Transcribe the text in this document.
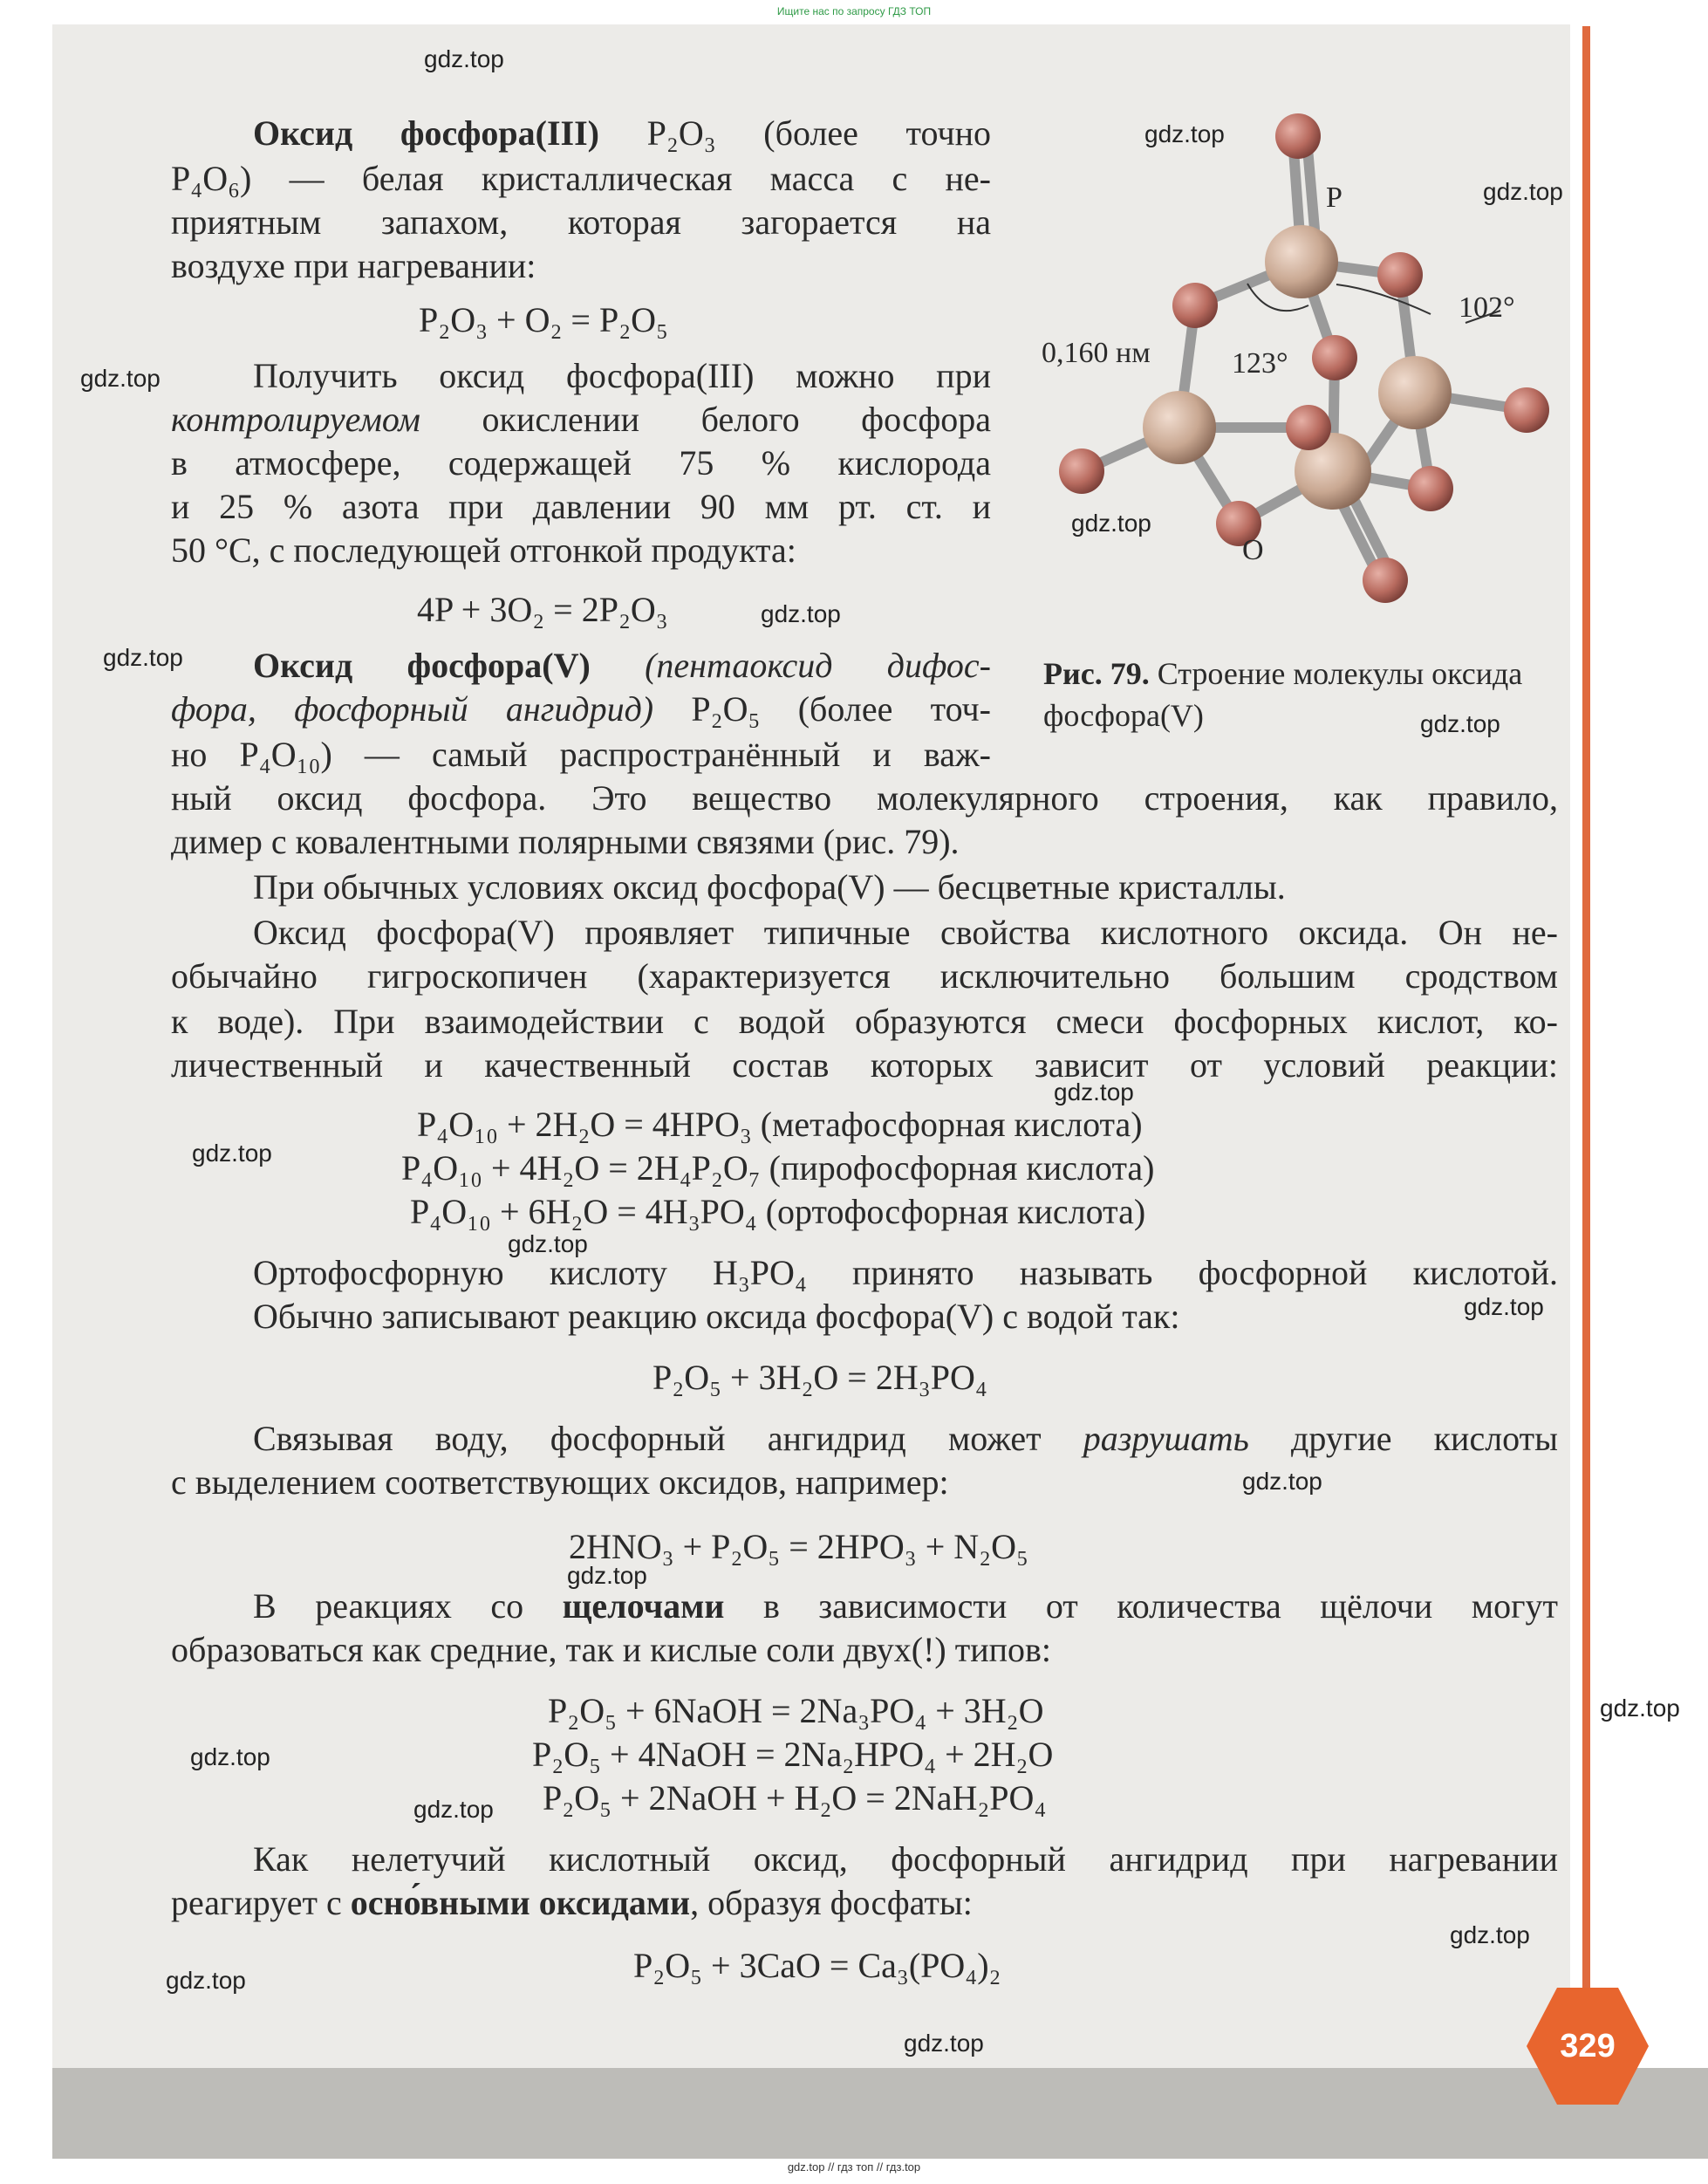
Ищите нас по запросу ГДЗ ТОП
gdz.top // гдз топ // гдз.top
Оксид фосфора(III) P₂O₃ (более точно
P₄O₆) — белая кристаллическая масса с не-
приятным запахом, которая загорается на
воздухе при нагревании:
P₂O₃ + O₂ = P₂O₅
Получить оксид фосфора(III) можно при
контролируемом окислении белого фосфора
в атмосфере, содержащей 75 % кислорода
и 25 % азота при давлении 90 мм рт. ст. и
50 °С, с последующей отгонкой продукта:
4P + 3O₂ = 2P₂O₃
Оксид фосфора(V) (пентаоксид дифос-
фора, фосфорный ангидрид) P₂O₅ (более точ-
но P₄O₁₀) — самый распространённый и важ-
ный оксид фосфора. Это вещество молекулярного строения, как правило,
димер с ковалентными полярными связями (рис. 79).
При обычных условиях оксид фосфора(V) — бесцветные кристаллы.
Оксид фосфора(V) проявляет типичные свойства кислотного оксида. Он не-
обычайно гигроскопичен (характеризуется исключительно большим сродством
к воде). При взаимодействии с водой образуются смеси фосфорных кислот, ко-
личественный и качественный состав которых зависит от условий реакции:
P₄O₁₀ + 2H₂O = 4HPO₃ (метафосфорная кислота)
P₄O₁₀ + 4H₂O = 2H₄P₂O₇ (пирофосфорная кислота)
P₄O₁₀ + 6H₂O = 4H₃PO₄ (ортофосфорная кислота)
Ортофосфорную кислоту H₃PO₄ принято называть фосфорной кислотой.
Обычно записывают реакцию оксида фосфора(V) с водой так:
P₂O₅ + 3H₂O = 2H₃PO₄
Связывая воду, фосфорный ангидрид может разрушать другие кислоты
с выделением соответствующих оксидов, например:
2HNO₃ + P₂O₅ = 2HPO₃ + N₂O₅
В реакциях со щелочами в зависимости от количества щёлочи могут
образоваться как средние, так и кислые соли двух(!) типов:
P₂O₅ + 6NaOH = 2Na₃PO₄ + 3H₂O
P₂O₅ + 4NaOH = 2Na₂HPO₄ + 2H₂O
P₂O₅ + 2NaOH + H₂O = 2NaH₂PO₄
Как нелетучий кислотный оксид, фосфорный ангидрид при нагревании
реагирует с осно́вными оксидами, образуя фосфаты:
P₂O₅ + 3CaO = Ca₃(PO₄)₂
P
O
0,160 нм	123°
102°
Рис. 79. Строение молекулы оксида фосфора(V)
329
gdz.top
gdz.top
gdz.top
gdz.top
gdz.top
gdz.top
gdz.top
gdz.top
gdz.top
gdz.top
gdz.top
gdz.top
gdz.top
gdz.top
gdz.top
gdz.top
gdz.top
gdz.top
gdz.top
gdz.top
